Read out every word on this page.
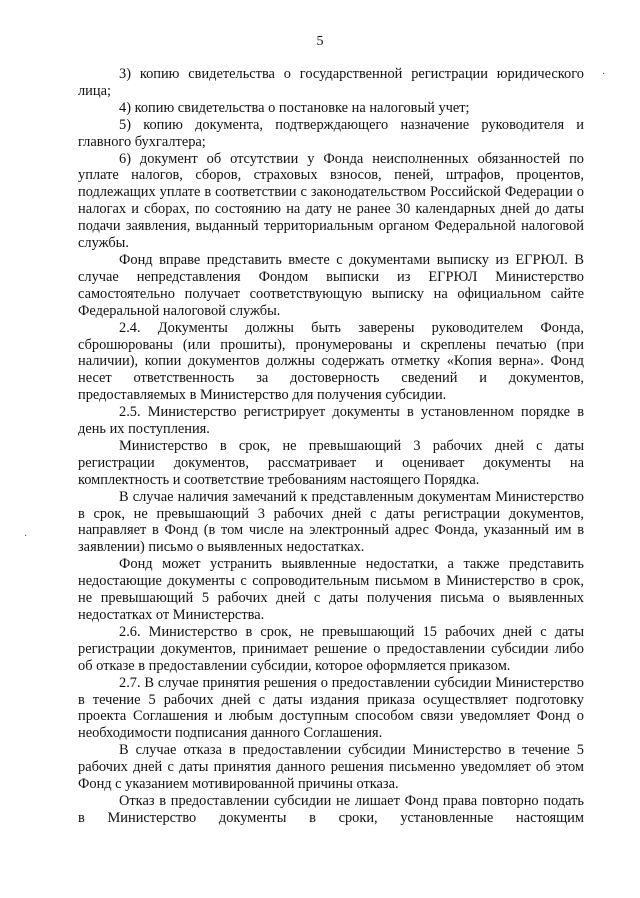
5

3) копию свидетельства о государственной регистрации юридического лица;

4) копию свидетельства о постановке на налоговый учет;

5) копию документа, подтверждающего назначение руководителя и главного бухгалтера;

6) документ об отсутствии у Фонда неисполненных обязанностей по уплате налогов, сборов, страховых взносов, пеней, штрафов, процентов, подлежащих уплате в соответствии с законодательством Российской Федерации о налогах и сборах, по состоянию на дату не ранее 30 календарных дней до даты подачи заявления, выданный территориальным органом Федеральной налоговой службы.

Фонд вправе представить вместе с документами выписку из ЕГРЮЛ. В случае непредставления Фондом выписки из ЕГРЮЛ Министерство самостоятельно получает соответствующую выписку на официальном сайте Федеральной налоговой службы.

2.4. Документы должны быть заверены руководителем Фонда, сброшюрованы (или прошиты), пронумерованы и скреплены печатью (при наличии), копии документов должны содержать отметку «Копия верна». Фонд несет ответственность за достоверность сведений и документов, предоставляемых в Министерство для получения субсидии.

2.5. Министерство регистрирует документы в установленном порядке в день их поступления.

Министерство в срок, не превышающий 3 рабочих дней с даты регистрации документов, рассматривает и оценивает документы на комплектность и соответствие требованиям настоящего Порядка.

В случае наличия замечаний к представленным документам Министерство в срок, не превышающий 3 рабочих дней с даты регистрации документов, направляет в Фонд (в том числе на электронный адрес Фонда, указанный им в заявлении) письмо о выявленных недостатках.

Фонд может устранить выявленные недостатки, а также представить недостающие документы с сопроводительным письмом в Министерство в срок, не превышающий 5 рабочих дней с даты получения письма о выявленных недостатках от Министерства.

2.6. Министерство в срок, не превышающий 15 рабочих дней с даты регистрации документов, принимает решение о предоставлении субсидии либо об отказе в предоставлении субсидии, которое оформляется приказом.

2.7. В случае принятия решения о предоставлении субсидии Министерство в течение 5 рабочих дней с даты издания приказа осуществляет подготовку проекта Соглашения и любым доступным способом связи уведомляет Фонд о необходимости подписания данного Соглашения.

В случае отказа в предоставлении субсидии Министерство в течение 5 рабочих дней с даты принятия данного решения письменно уведомляет об этом Фонд с указанием мотивированной причины отказа.

Отказ в предоставлении субсидии не лишает Фонд права повторно подать в Министерство документы в сроки, установленные настоящим

·
·
